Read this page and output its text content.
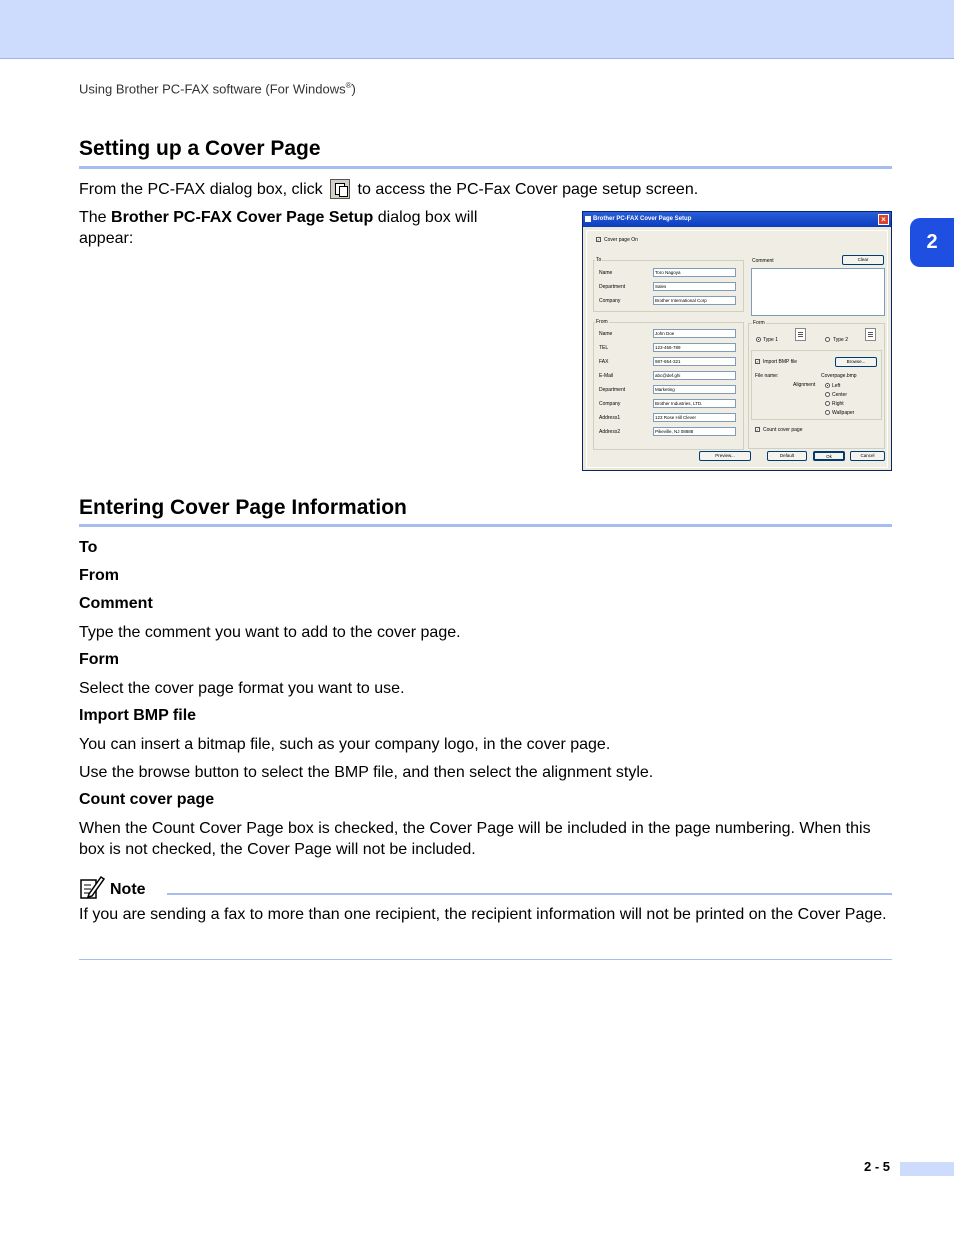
Using Brother PC-FAX software (For Windows®)
2
Setting up a Cover Page

From the PC-FAX dialog box, click to access the PC-Fax Cover page setup screen.

The Brother PC-FAX Cover Page Setup dialog box will
appear:

Brother PC-FAX Cover Page Setup	×
✓ Cover page On
To
Name	Toro Nagoya
Department	Sales
Company	Brother International Corp
From
Name	John Doe
TEL	123-456-789
FAX	987-654-321
E-Mail	abc@def.ghi
Department	Marketing
Company	Brother Industries, LTD.
Address1	123 Rose Hill Clever
Address2	Pikeville, NJ 08888
Comment	Clear
Form
Type 1	Type 2
✓ Import BMP file	Browse...
File name:	Coverpage.bmp
Alignment	Left
Center
Right
Wallpaper
✓ Count cover page
Preview...	Default	Ok	Cancel
Entering Cover Page Information
To
From
Comment

Type the comment you want to add to the cover page.

Form

Select the cover page format you want to use.

Import BMP file

You can insert a bitmap file, such as your company logo, in the cover page.

Use the browse button to select the BMP file, and then select the alignment style.

Count cover page

When the Count Cover Page box is checked, the Cover Page will be included in the page numbering. When this box is not checked, the Cover Page will not be included.

Note

If you are sending a fax to more than one recipient, the recipient information will not be printed on the Cover Page.

2 - 5
